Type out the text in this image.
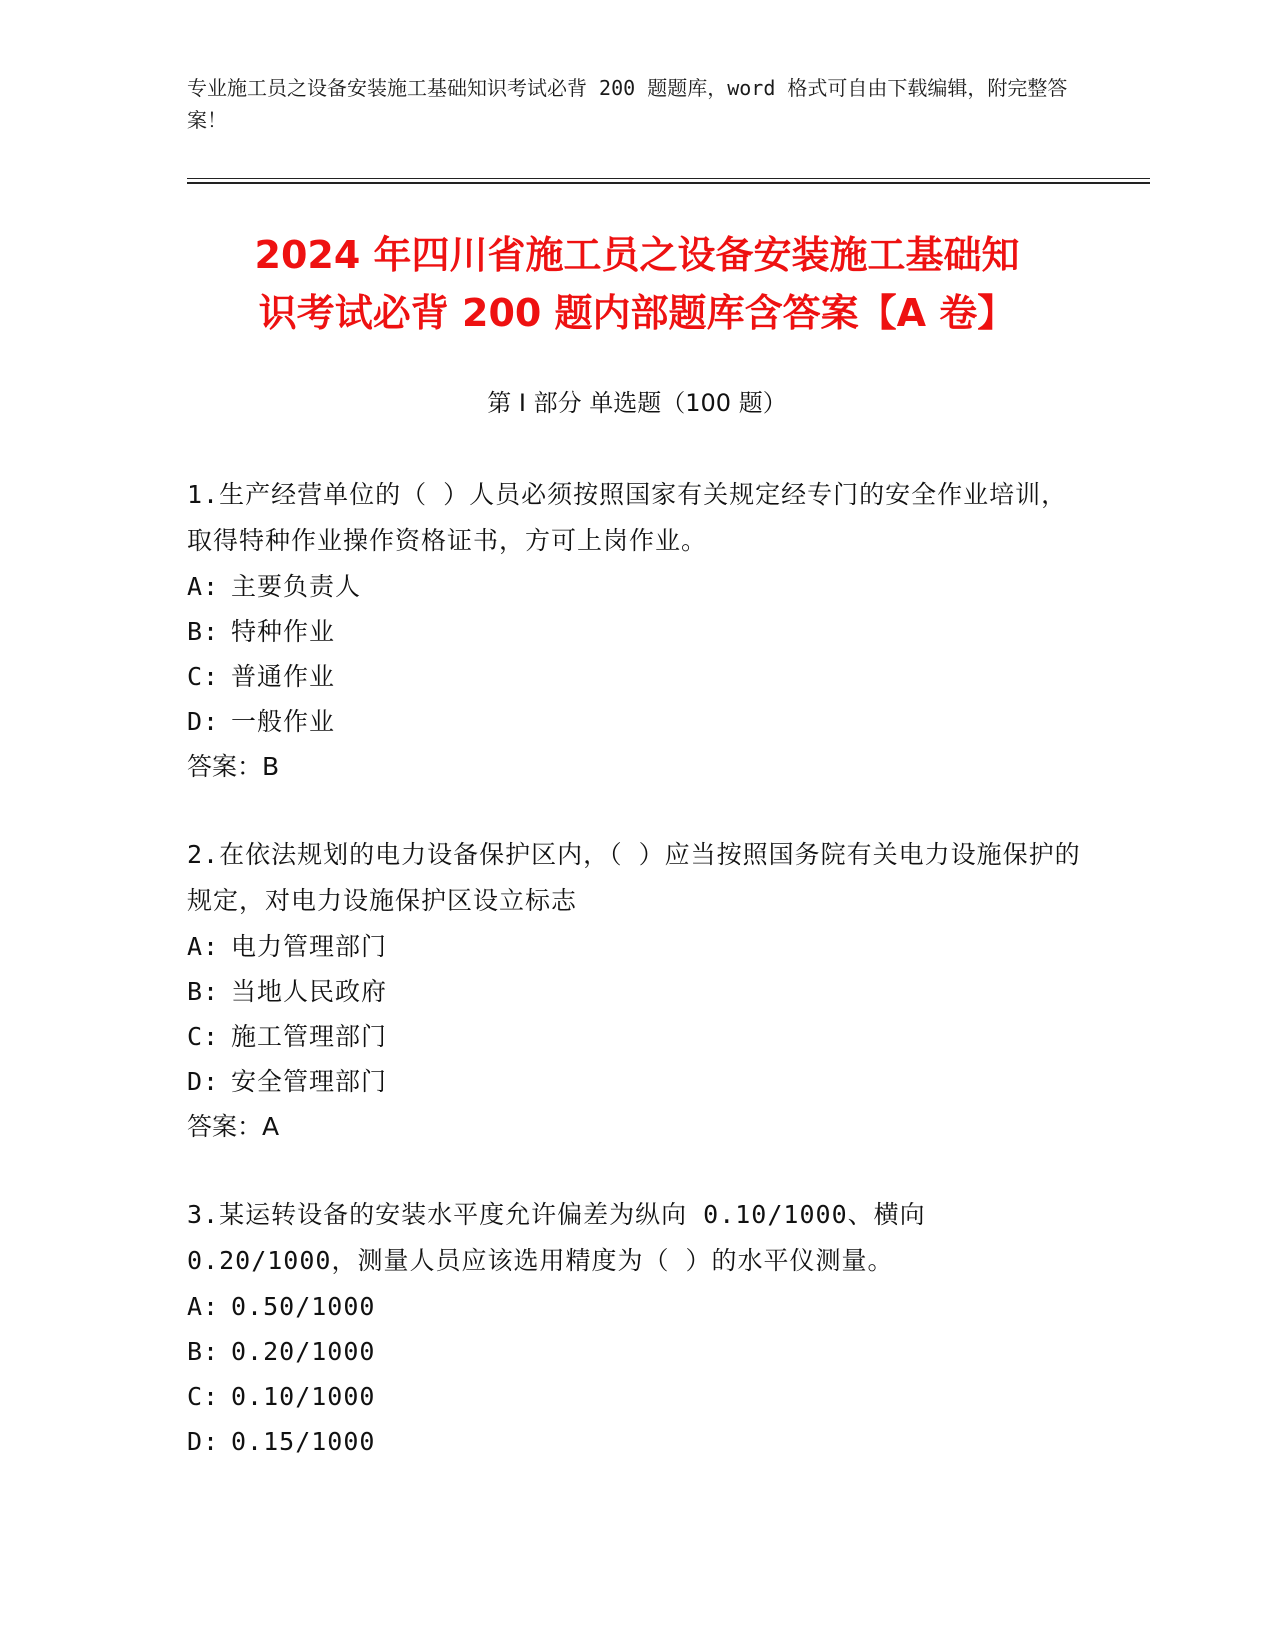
专业施工员之设备安装施工基础知识考试必背 200 题题库，word 格式可自由下载编辑，附完整答案！
2024 年四川省施工员之设备安装施工基础知
识考试必背 200 题内部题库含答案【A 卷】
第 I 部分 单选题（100 题）

1.生产经营单位的（ ）人员必须按照国家有关规定经专门的安全作业培训，取得特种作业操作资格证书，方可上岗作业。

A: 主要负责人

B: 特种作业

C: 普通作业

D: 一般作业

答案：B

2.在依法规划的电力设备保护区内，（ ）应当按照国务院有关电力设施保护的规定，对电力设施保护区设立标志

A: 电力管理部门

B: 当地人民政府

C: 施工管理部门

D: 安全管理部门

答案：A

3.某运转设备的安装水平度允许偏差为纵向 0.10/1000、横向 0.20/1000，测量人员应该选用精度为（ ）的水平仪测量。

A: 0.50/1000

B: 0.20/1000

C: 0.10/1000

D: 0.15/1000
